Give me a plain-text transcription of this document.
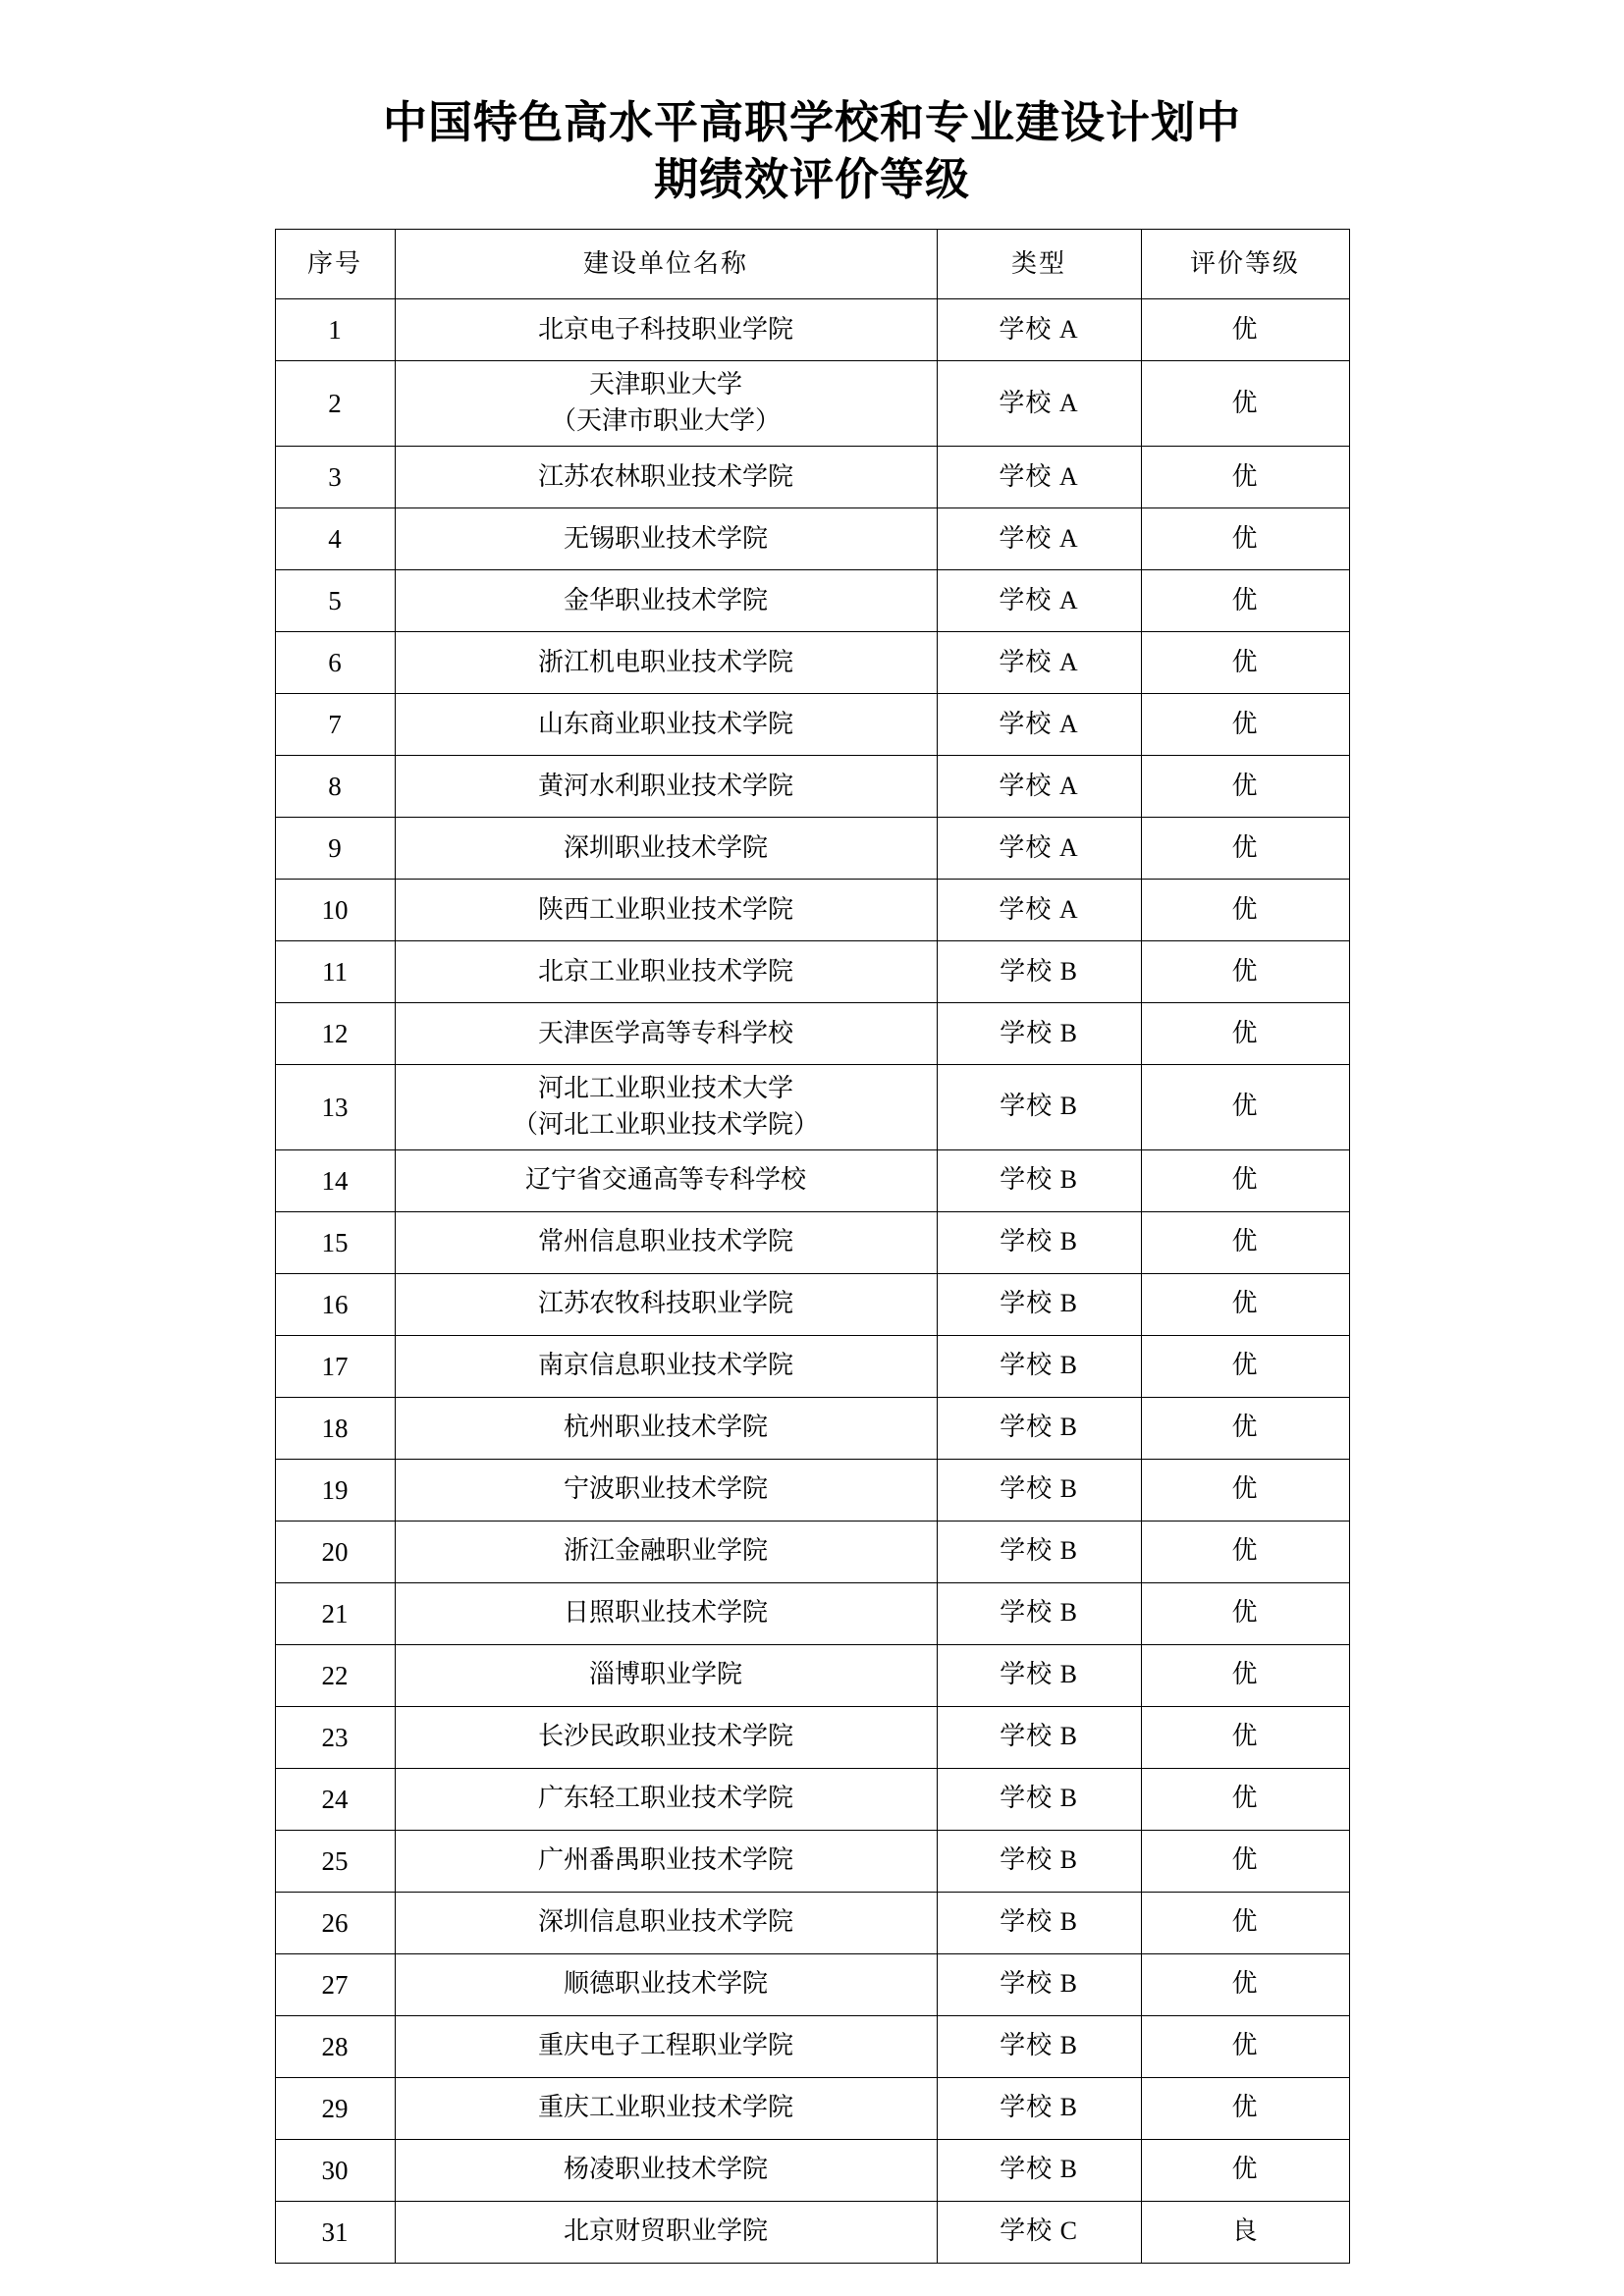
中国特色高水平高职学校和专业建设计划中
期绩效评价等级
序号	建设单位名称	类型	评价等级
1	北京电子科技职业学院	学校 A	优
2	天津职业大学
（天津市职业大学）	学校 A	优
3	江苏农林职业技术学院	学校 A	优
4	无锡职业技术学院	学校 A	优
5	金华职业技术学院	学校 A	优
6	浙江机电职业技术学院	学校 A	优
7	山东商业职业技术学院	学校 A	优
8	黄河水利职业技术学院	学校 A	优
9	深圳职业技术学院	学校 A	优
10	陕西工业职业技术学院	学校 A	优
11	北京工业职业技术学院	学校 B	优
12	天津医学高等专科学校	学校 B	优
13	河北工业职业技术大学
（河北工业职业技术学院）	学校 B	优
14	辽宁省交通高等专科学校	学校 B	优
15	常州信息职业技术学院	学校 B	优
16	江苏农牧科技职业学院	学校 B	优
17	南京信息职业技术学院	学校 B	优
18	杭州职业技术学院	学校 B	优
19	宁波职业技术学院	学校 B	优
20	浙江金融职业学院	学校 B	优
21	日照职业技术学院	学校 B	优
22	淄博职业学院	学校 B	优
23	长沙民政职业技术学院	学校 B	优
24	广东轻工职业技术学院	学校 B	优
25	广州番禺职业技术学院	学校 B	优
26	深圳信息职业技术学院	学校 B	优
27	顺德职业技术学院	学校 B	优
28	重庆电子工程职业学院	学校 B	优
29	重庆工业职业技术学院	学校 B	优
30	杨凌职业技术学院	学校 B	优
31	北京财贸职业学院	学校 C	良
